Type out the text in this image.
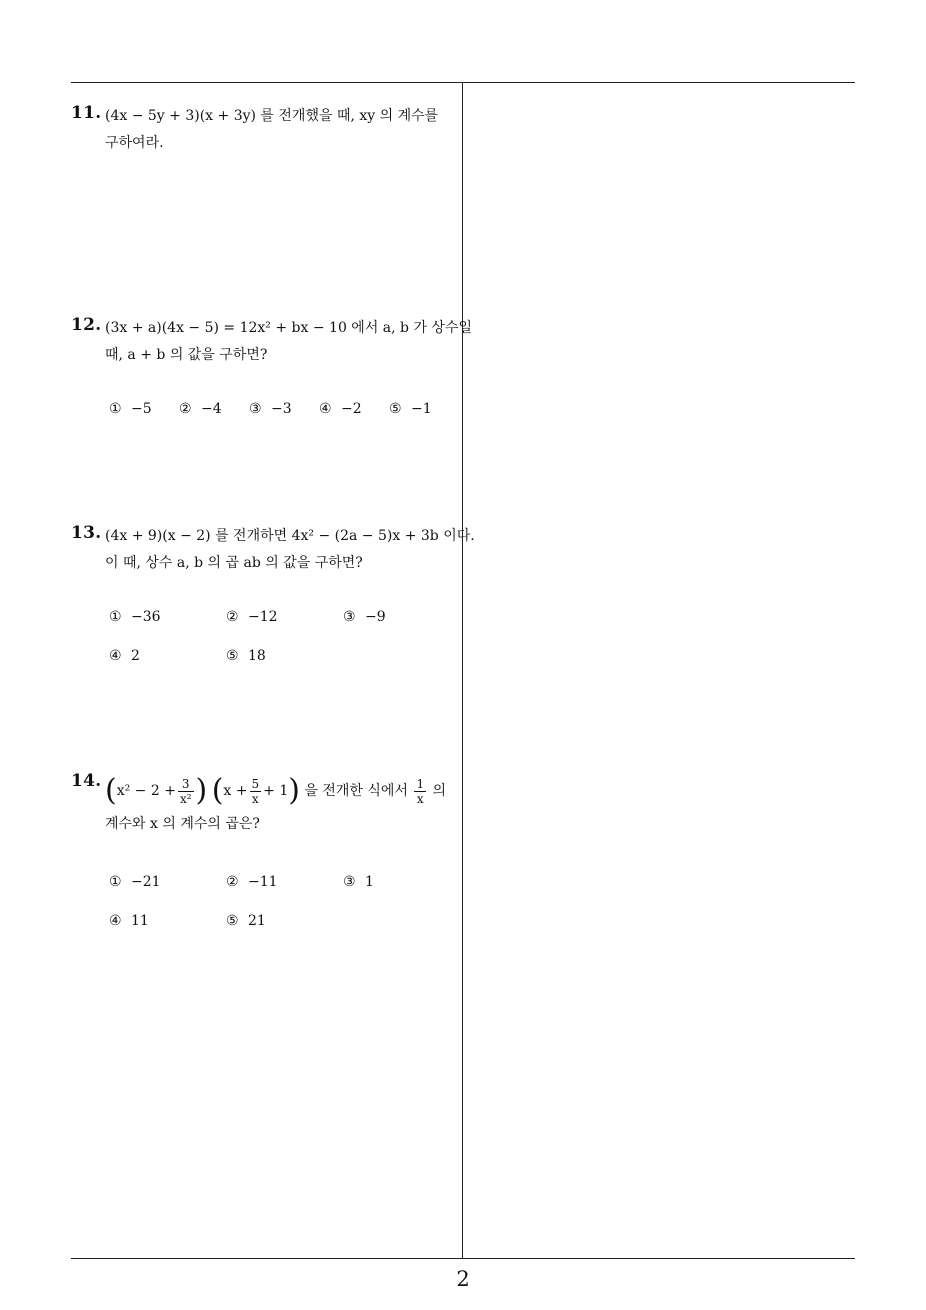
2
11. (4x − 5y + 3)(x + 3y) 를 전개했을 때, xy 의 계수를
구하여라.
12. (3x + a)(4x − 5) = 12x² + bx − 10 에서 a, b 가 상수일
때, a + b 의 값을 구하면?
① −5 ② −4 ③ −3 ④ −2 ⑤ −1
13. (4x + 9)(x − 2) 를 전개하면 4x² − (2a − 5)x + 3b 이다.
이 때, 상수 a, b 의 곱 ab 의 값을 구하면?
① −36	② −12	③ −9
④ 2	⑤ 18
14. ($x^2 - 2 + \frac{3}{\text{x²}}$ ) $(x + \frac{5}{x} + 1)$ 을 전개한 식에서 $\frac{1}{x}$ 의
계수와 x 의 계수의 곱은?
① −21	② −11	③ 1
④ 11	⑤ 21
